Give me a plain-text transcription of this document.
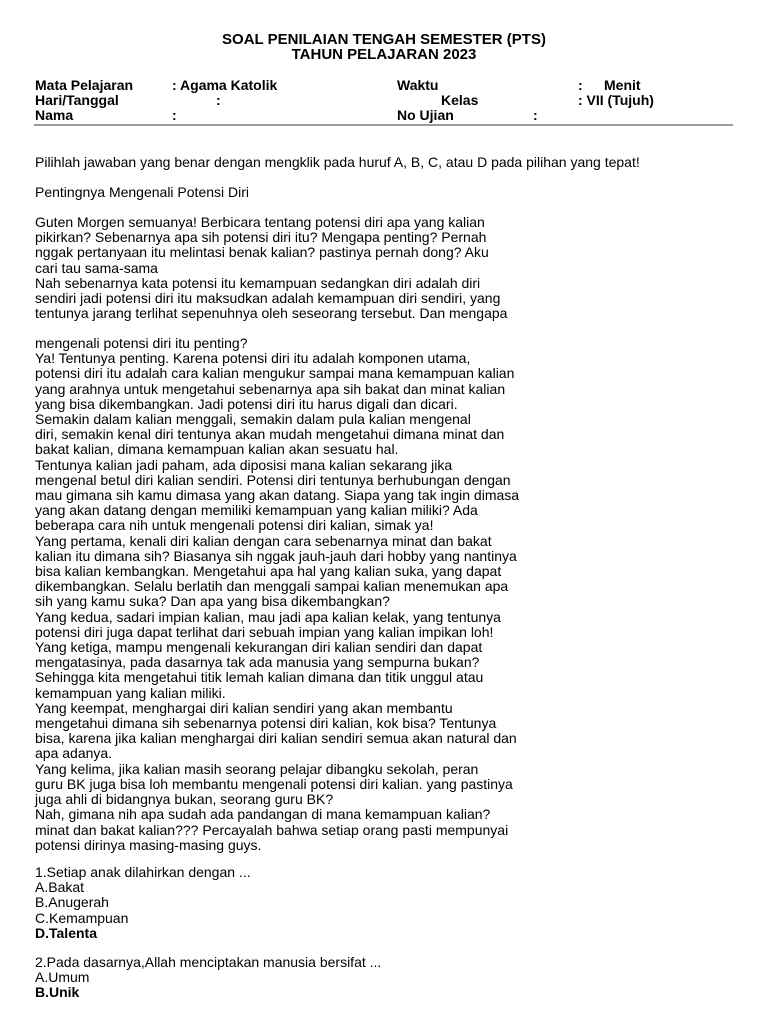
SOAL PENILAIAN TENGAH SEMESTER (PTS)
TAHUN PELAJARAN 2023
Mata Pelajaran	: Agama Katolik	Waktu	: Menit
Hari/Tanggal	:	Kelas	: VII (Tujuh)
Nama	:	No Ujian	:
Pilihlah jawaban yang benar dengan mengklik pada huruf A, B, C, atau D pada pilihan yang tepat!
Pentingnya Mengenali Potensi Diri
Guten Morgen semuanya! Berbicara tentang potensi diri apa yang kalian
pikirkan? Sebenarnya apa sih potensi diri itu? Mengapa penting? Pernah
nggak pertanyaan itu melintasi benak kalian? pastinya pernah dong? Aku
cari tau sama-sama
Nah sebenarnya kata potensi itu kemampuan sedangkan diri adalah diri
sendiri jadi potensi diri itu maksudkan adalah kemampuan diri sendiri, yang
tentunya jarang terlihat sepenuhnya oleh seseorang tersebut. Dan mengapa
mengenali potensi diri itu penting?
Ya! Tentunya penting. Karena potensi diri itu adalah komponen utama,
potensi diri itu adalah cara kalian mengukur sampai mana kemampuan kalian
yang arahnya untuk mengetahui sebenarnya apa sih bakat dan minat kalian
yang bisa dikembangkan. Jadi potensi diri itu harus digali dan dicari.
Semakin dalam kalian menggali, semakin dalam pula kalian mengenal
diri, semakin kenal diri tentunya akan mudah mengetahui dimana minat dan
bakat kalian, dimana kemampuan kalian akan sesuatu hal.
Tentunya kalian jadi paham, ada diposisi mana kalian sekarang jika
mengenal betul diri kalian sendiri. Potensi diri tentunya berhubungan dengan
mau gimana sih kamu dimasa yang akan datang. Siapa yang tak ingin dimasa
yang akan datang dengan memiliki kemampuan yang kalian miliki? Ada
beberapa cara nih untuk mengenali potensi diri kalian, simak ya!
Yang pertama, kenali diri kalian dengan cara sebenarnya minat dan bakat
kalian itu dimana sih? Biasanya sih nggak jauh-jauh dari hobby yang nantinya
bisa kalian kembangkan. Mengetahui apa hal yang kalian suka, yang dapat
dikembangkan. Selalu berlatih dan menggali sampai kalian menemukan apa
sih yang kamu suka? Dan apa yang bisa dikembangkan?
Yang kedua, sadari impian kalian, mau jadi apa kalian kelak, yang tentunya
potensi diri juga dapat terlihat dari sebuah impian yang kalian impikan loh!
Yang ketiga, mampu mengenali kekurangan diri kalian sendiri dan dapat
mengatasinya, pada dasarnya tak ada manusia yang sempurna bukan?
Sehingga kita mengetahui titik lemah kalian dimana dan titik unggul atau
kemampuan yang kalian miliki.
Yang keempat, menghargai diri kalian sendiri yang akan membantu
mengetahui dimana sih sebenarnya potensi diri kalian, kok bisa? Tentunya
bisa, karena jika kalian menghargai diri kalian sendiri semua akan natural dan
apa adanya.
Yang kelima, jika kalian masih seorang pelajar dibangku sekolah, peran
guru BK juga bisa loh membantu mengenali potensi diri kalian. yang pastinya
juga ahli di bidangnya bukan, seorang guru BK?
Nah, gimana nih apa sudah ada pandangan di mana kemampuan kalian?
minat dan bakat kalian??? Percayalah bahwa setiap orang pasti mempunyai
potensi dirinya masing-masing guys.
1.Setiap anak dilahirkan dengan ...
A.Bakat
B.Anugerah
C.Kemampuan
D.Talenta
2.Pada dasarnya,Allah menciptakan manusia bersifat ...
A.Umum
B.Unik
